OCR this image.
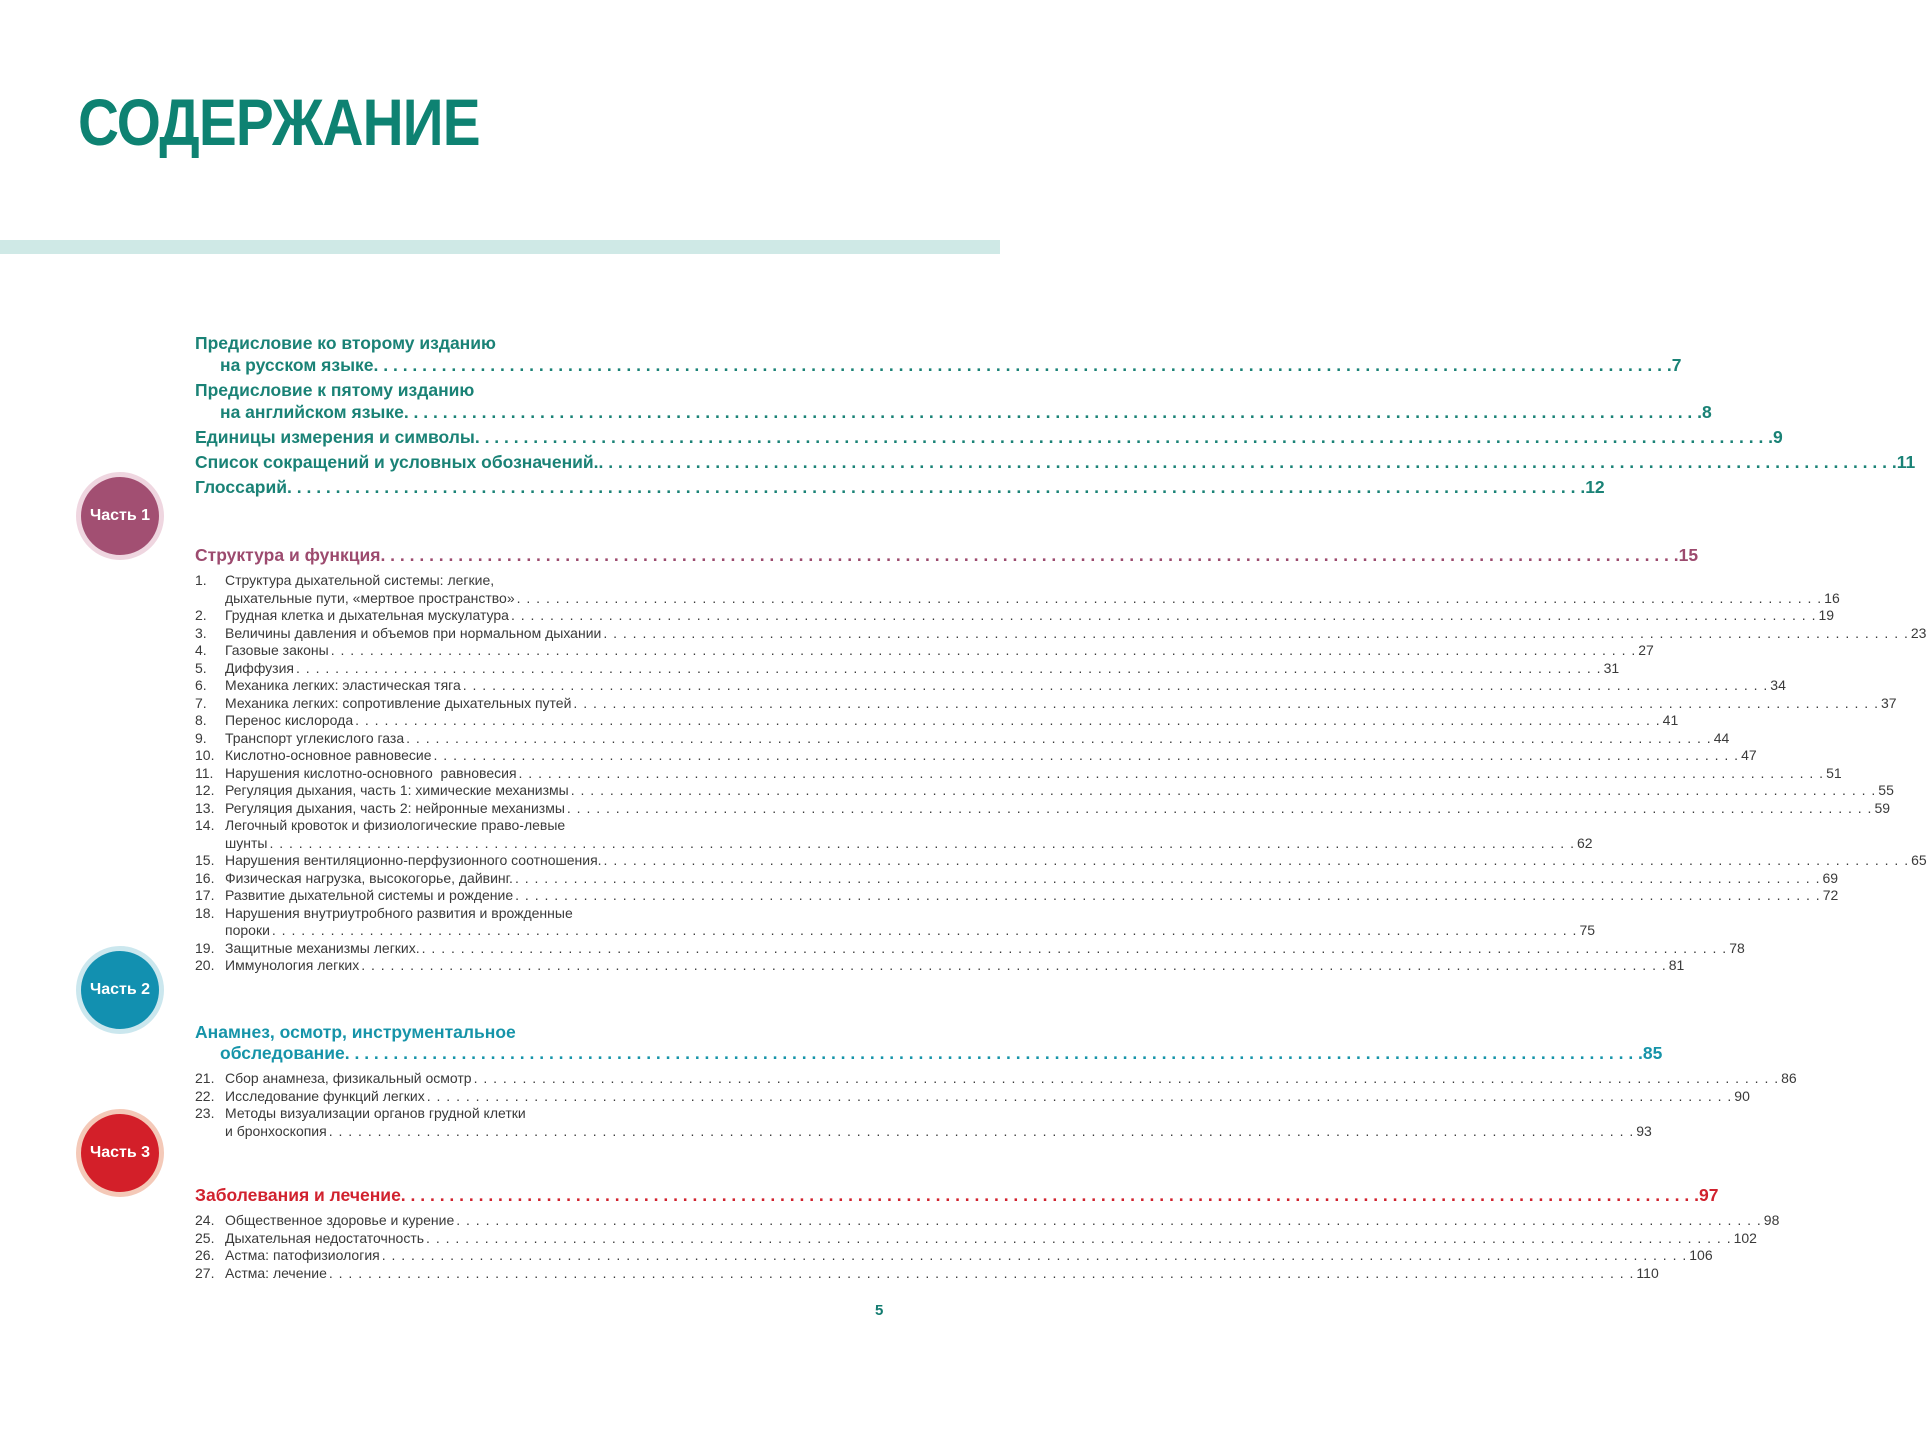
СОДЕРЖАНИЕ
Предисловие ко второму изданию
на русском языке . . .	7
Предисловие к пятому изданию
на английском языке . . .	8
Единицы измерения и символы . . .	9
Список сокращений и условных обозначений. . . .	11
Глоссарий . . .	12
Часть 1
Часть 2
Часть 3
Структура и функция . . .	15
1.	Структура дыхательной системы: легкие,
дыхательные пути, «мертвое пространство» . . .	16
2.	Грудная клетка и дыхательная мускулатура . . .	19
3.	Величины давления и объемов при нормальном дыхании . . .	23
4.	Газовые законы . . .	27
5.	Диффузия . . .	31
6.	Механика легких: эластическая тяга . . .	34
7.	Механика легких: сопротивление дыхательных путей . . .	37
8.	Перенос кислорода . . .	41
9.	Транспорт углекислого газа . . .	44
10. Кислотно-основное равновесие . . .	47
11. Нарушения кислотно-основного  равновесия . . .	51
12. Регуляция дыхания, часть 1: химические механизмы . . .	55
13. Регуляция дыхания, часть 2: нейронные механизмы . . .	59
14. Легочный кровоток и физиологические право-левые
шунты . . .	62
15. Нарушения вентиляционно-перфузионного соотношения. . . .	65
16. Физическая нагрузка, высокогорье, дайвинг. . . .	69
17. Развитие дыхательной системы и рождение . . .	72
18. Нарушения внутриутробного развития и врожденные
пороки . . .	75
19. Защитные механизмы легких. . . .	78
20. Иммунология легких . . .	81
Анамнез, осмотр, инструментальное
обследование . . .	85
21. Сбор анамнеза, физикальный осмотр . . .	86
22. Исследование функций легких . . .	90
23. Методы визуализации органов грудной клетки
и бронхоскопия . . .	93
Заболевания и лечение . . .	97
24. Общественное здоровье и курение . . .	98
25. Дыхательная недостаточность . . .	102
26. Астма: патофизиология . . .	106
27. Астма: лечение . . .	110
5
